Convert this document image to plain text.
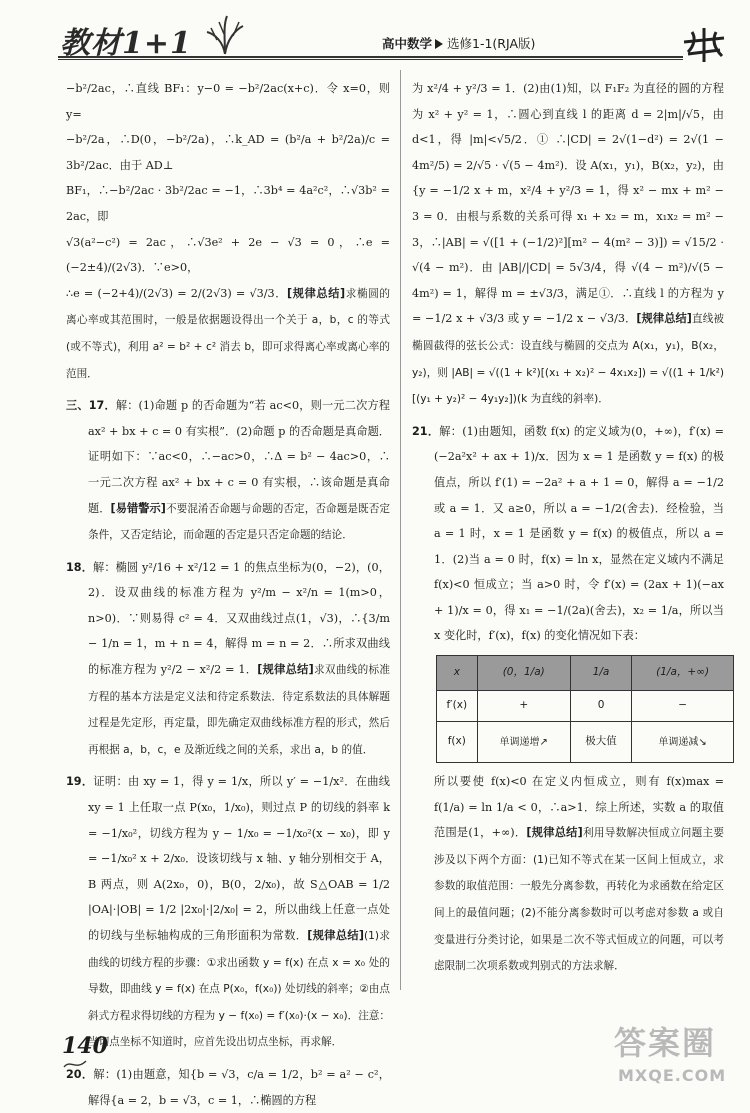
教材1+1	高中数学 选修1-1(RJA版)

−b²/2ac，∴直线 BF₁：y−0 = −b²/2ac(x+c)．令 x=0，则 y=

−b²/2a，∴D(0，−b²/2a)，∴k_AD = (b²/a + b²/2a)/c = 3b²/2ac．由于 AD⊥

BF₁，∴−b²/2ac · 3b²/2ac = −1，∴3b⁴ = 4a²c²，∴√3b² = 2ac，即

√3(a²−c²) = 2ac，∴√3e² + 2e − √3 = 0，∴e = (−2±4)/(2√3)．∵e>0，

∴e = (−2+4)/(2√3) = 2/(2√3) = √3/3．[规律总结]求椭圆的离心率或其范围时，一般是依据题设得出一个关于 a，b，c 的等式(或不等式)，利用 a² = b² + c² 消去 b，即可求得离心率或离心率的范围．

三、17．解：(1)命题 p 的否命题为“若 ac<0，则一元二次方程 ax² + bx + c = 0 有实根”．(2)命题 p 的否命题是真命题．证明如下：∵ac<0，∴−ac>0，∴Δ = b² − 4ac>0，∴一元二次方程 ax² + bx + c = 0 有实根，∴该命题是真命题．[易错警示]不要混淆否命题与命题的否定，否命题是既否定条件，又否定结论，而命题的否定是只否定命题的结论．

18．解：椭圆 y²/16 + x²/12 = 1 的焦点坐标为(0，−2)，(0，2)．设双曲线的标准方程为 y²/m − x²/n = 1(m>0，n>0)．∵则易得 c² = 4．又双曲线过点(1，√3)，∴{3/m − 1/n = 1，m + n = 4，解得 m = n = 2．∴所求双曲线的标准方程为 y²/2 − x²/2 = 1．[规律总结]求双曲线的标准方程的基本方法是定义法和待定系数法．待定系数法的具体解题过程是先定形，再定量，即先确定双曲线标准方程的形式，然后再根据 a，b，c，e 及渐近线之间的关系，求出 a，b 的值．

19．证明：由 xy = 1，得 y = 1/x，所以 y′ = −1/x²．在曲线 xy = 1 上任取一点 P(x₀，1/x₀)，则过点 P 的切线的斜率 k = −1/x₀²，切线方程为 y − 1/x₀ = −1/x₀²(x − x₀)，即 y = −1/x₀² x + 2/x₀．设该切线与 x 轴、y 轴分别相交于 A，B 两点，则 A(2x₀，0)，B(0，2/x₀)，故 S△OAB = 1/2 |OA|·|OB| = 1/2 |2x₀|·|2/x₀| = 2，所以曲线上任意一点处的切线与坐标轴构成的三角形面积为常数．[规律总结](1)求曲线的切线方程的步骤：①求出函数 y = f(x) 在点 x = x₀ 处的导数，即曲线 y = f(x) 在点 P(x₀，f(x₀)) 处切线的斜率；②由点斜式方程求得切线的方程为 y − f(x₀) = f′(x₀)·(x − x₀)．注意：当切点坐标不知道时，应首先设出切点坐标，再求解．

20．解：(1)由题意，知{b = √3，c/a = 1/2，b² = a² − c²，解得{a = 2，b = √3，c = 1，∴椭圆的方程

为 x²/4 + y²/3 = 1．(2)由(1)知，以 F₁F₂ 为直径的圆的方程为 x² + y² = 1，∴圆心到直线 l 的距离 d = 2|m|/√5，由 d<1，得 |m|<√5/2．① ∴|CD| = 2√(1−d²) = 2√(1 − 4m²/5) = 2/√5 · √(5 − 4m²)．设 A(x₁，y₁)，B(x₂，y₂)，由{y = −1/2 x + m，x²/4 + y²/3 = 1，得 x² − mx + m² − 3 = 0．由根与系数的关系可得 x₁ + x₂ = m，x₁x₂ = m² − 3，∴|AB| = √([1 + (−1/2)²][m² − 4(m² − 3)]) = √15/2 · √(4 − m²)．由 |AB|/|CD| = 5√3/4，得 √(4 − m²)/√(5 − 4m²) = 1，解得 m = ±√3/3，满足①．∴直线 l 的方程为 y = −1/2 x + √3/3 或 y = −1/2 x − √3/3．[规律总结]直线被椭圆截得的弦长公式：设直线与椭圆的交点为 A(x₁，y₁)，B(x₂，y₂)，则 |AB| = √((1 + k²)[(x₁ + x₂)² − 4x₁x₂]) = √((1 + 1/k²)[(y₁ + y₂)² − 4y₁y₂])(k 为直线的斜率)．

21．解：(1)由题知，函数 f(x) 的定义域为(0，+∞)，f′(x) = (−2a²x² + ax + 1)/x．因为 x = 1 是函数 y = f(x) 的极值点，所以 f′(1) = −2a² + a + 1 = 0，解得 a = −1/2 或 a = 1．又 a≥0，所以 a = −1/2(舍去)．经检验，当 a = 1 时，x = 1 是函数 y = f(x) 的极值点，所以 a = 1．(2)当 a = 0 时，f(x) = ln x，显然在定义域内不满足 f(x)<0 恒成立；当 a>0 时，令 f′(x) = (2ax + 1)(−ax + 1)/x = 0，得 x₁ = −1/(2a)(舍去)，x₂ = 1/a，所以当 x 变化时，f′(x)，f(x) 的变化情况如下表：

x	(0，1/a)	1/a	(1/a，+∞)
f′(x)	+	0	−
f(x)	单调递增↗	极大值	单调递减↘

所以要使 f(x)<0 在定义内恒成立，则有 f(x)max = f(1/a) = ln 1/a < 0，∴a>1．综上所述，实数 a 的取值范围是(1，+∞)．[规律总结]利用导数解决恒成立问题主要涉及以下两个方面：(1)已知不等式在某一区间上恒成立，求参数的取值范围：一般先分离参数，再转化为求函数在给定区间上的最值问题；(2)不能分离参数时可以考虑对参数 a 或自变量进行分类讨论，如果是二次不等式恒成立的问题，可以考虑限制二次项系数或判别式的方法求解．

140	答案圈
MXQE.COM
